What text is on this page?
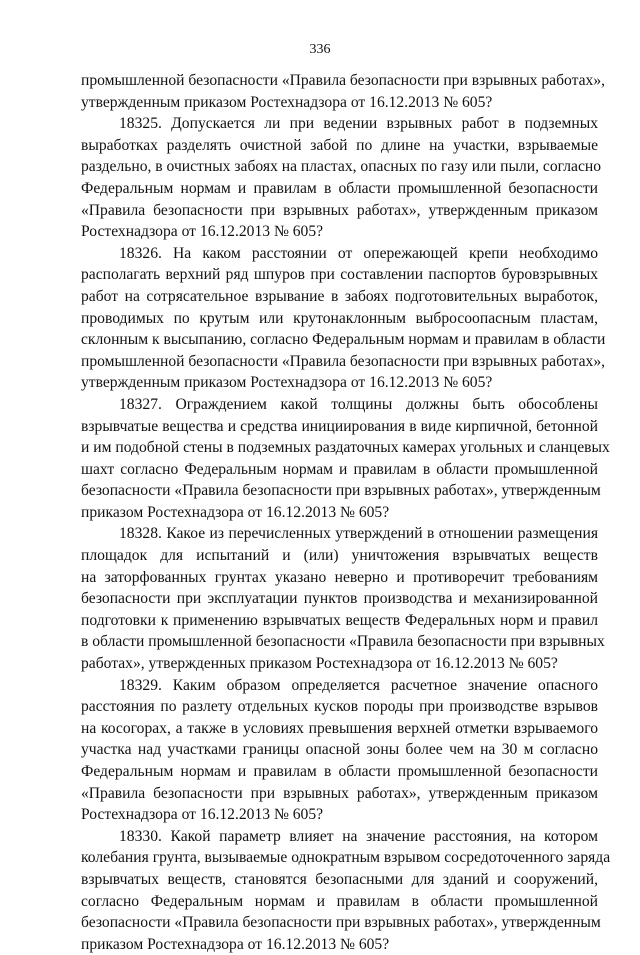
336
промышленной безопасности «Правила безопасности при взрывных работах»,
утвержденным приказом Ростехнадзора от 16.12.2013 № 605?
18325. Допускается ли при ведении взрывных работ в подземных
выработках разделять очистной забой по длине на участки, взрываемые
раздельно, в очистных забоях на пластах, опасных по газу или пыли, согласно
Федеральным нормам и правилам в области промышленной безопасности
«Правила безопасности при взрывных работах», утвержденным приказом
Ростехнадзора от 16.12.2013 № 605?
18326. На каком расстоянии от опережающей крепи необходимо
располагать верхний ряд шпуров при составлении паспортов буровзрывных
работ на сотрясательное взрывание в забоях подготовительных выработок,
проводимых по крутым или крутонаклонным выбросоопасным пластам,
склонным к высыпанию, согласно Федеральным нормам и правилам в области
промышленной безопасности «Правила безопасности при взрывных работах»,
утвержденным приказом Ростехнадзора от 16.12.2013 № 605?
18327. Ограждением какой толщины должны быть обособлены
взрывчатые вещества и средства инициирования в виде кирпичной, бетонной
и им подобной стены в подземных раздаточных камерах угольных и сланцевых
шахт согласно Федеральным нормам и правилам в области промышленной
безопасности «Правила безопасности при взрывных работах», утвержденным
приказом Ростехнадзора от 16.12.2013 № 605?
18328. Какое из перечисленных утверждений в отношении размещения
площадок для испытаний и (или) уничтожения взрывчатых веществ
на заторфованных грунтах указано неверно и противоречит требованиям
безопасности при эксплуатации пунктов производства и механизированной
подготовки к применению взрывчатых веществ Федеральных норм и правил
в области промышленной безопасности «Правила безопасности при взрывных
работах», утвержденных приказом Ростехнадзора от 16.12.2013 № 605?
18329. Каким образом определяется расчетное значение опасного
расстояния по разлету отдельных кусков породы при производстве взрывов
на косогорах, а также в условиях превышения верхней отметки взрываемого
участка над участками границы опасной зоны более чем на 30 м согласно
Федеральным нормам и правилам в области промышленной безопасности
«Правила безопасности при взрывных работах», утвержденным приказом
Ростехнадзора от 16.12.2013 № 605?
18330. Какой параметр влияет на значение расстояния, на котором
колебания грунта, вызываемые однократным взрывом сосредоточенного заряда
взрывчатых веществ, становятся безопасными для зданий и сооружений,
согласно Федеральным нормам и правилам в области промышленной
безопасности «Правила безопасности при взрывных работах», утвержденным
приказом Ростехнадзора от 16.12.2013 № 605?
